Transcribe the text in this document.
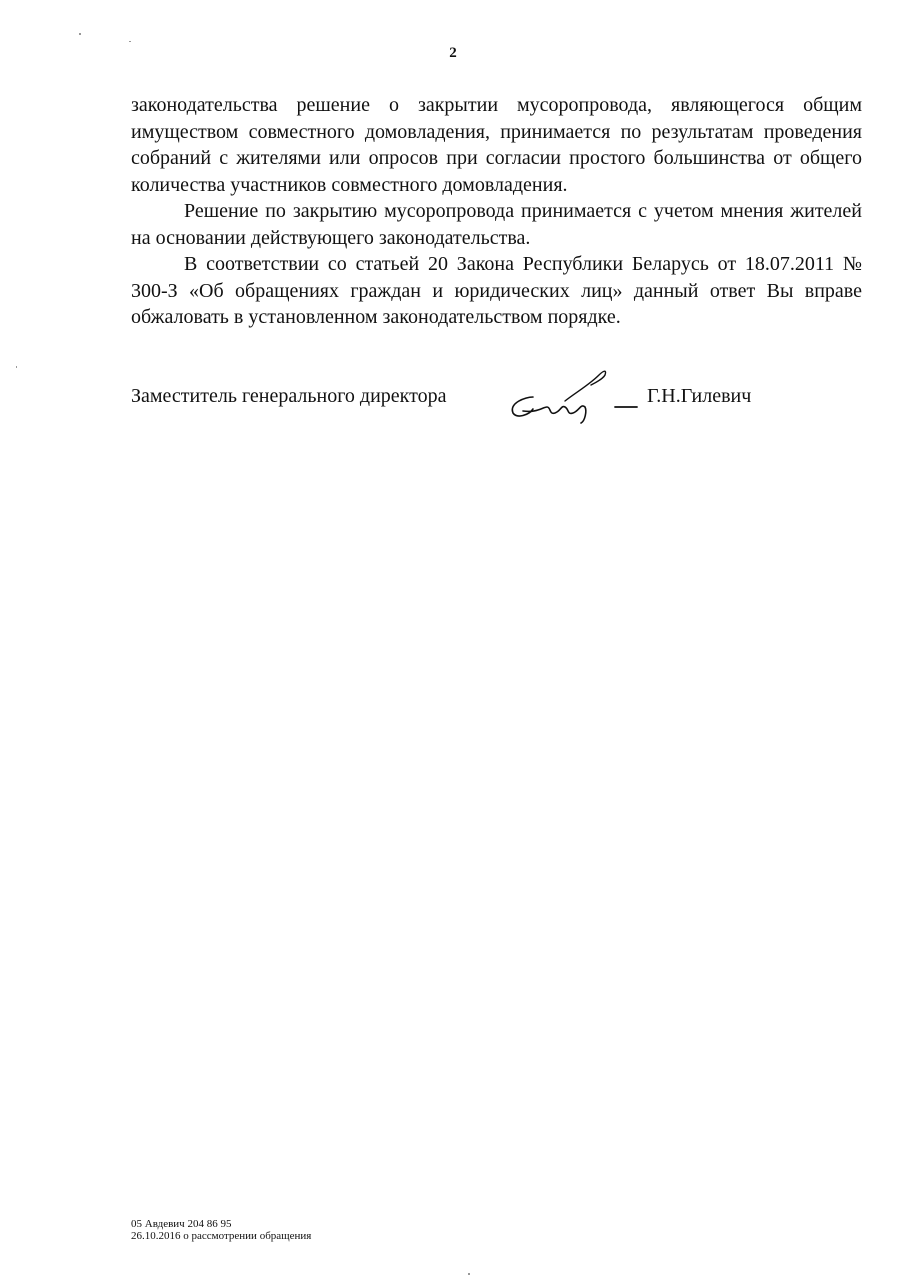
2

законодательства решение о закрытии мусоропровода, являющегося общим имуществом совместного домовладения, принимается по результатам проведения собраний с жителями или опросов при согласии простого большинства от общего количества участников совместного домовладения.

Решение по закрытию мусоропровода принимается с учетом мнения жителей на основании действующего законодательства.

В соответствии со статьей 20 Закона Республики Беларусь от 18.07.2011 № 300-З «Об обращениях граждан и юридических лиц» данный ответ Вы вправе обжаловать в установленном законодательством порядке.

Заместитель генерального директора	Г.Н.Гилевич
05 Авдевич 204 86 95
26.10.2016 о рассмотрении обращения
